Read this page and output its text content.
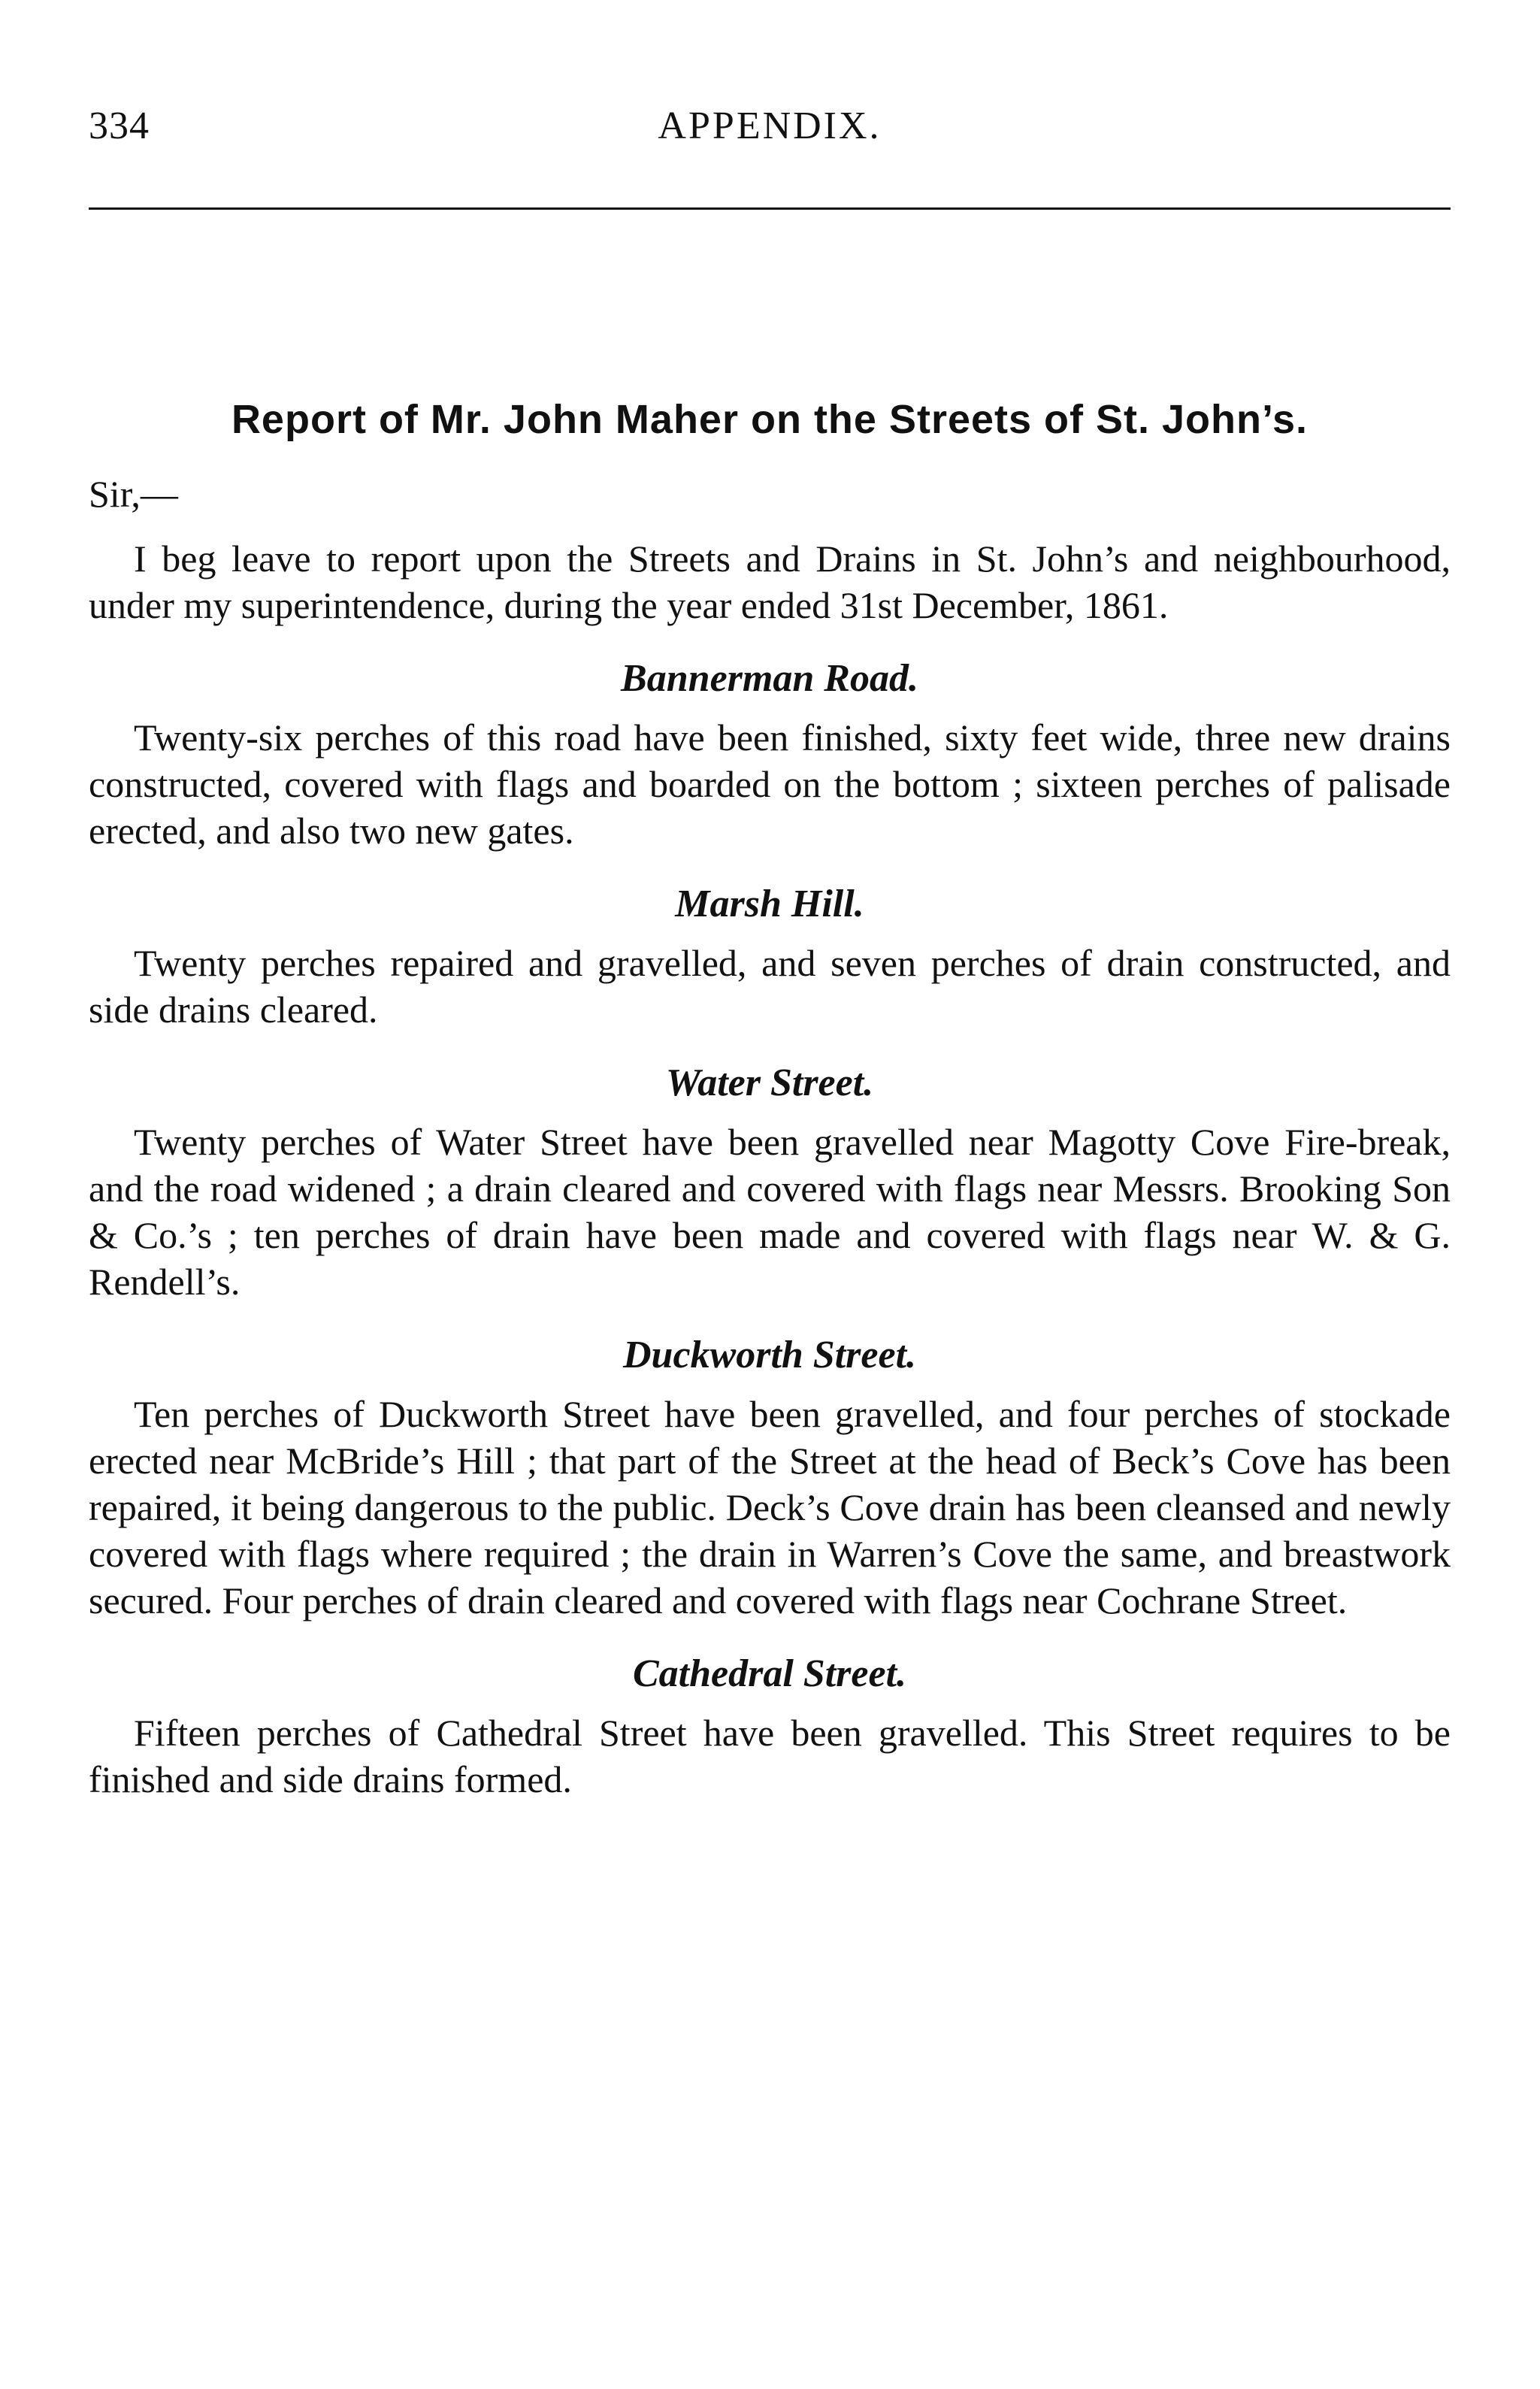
334	APPENDIX.
Report of Mr. John Maher on the Streets of St. John’s.

Sir,—

I beg leave to report upon the Streets and Drains in St. John’s and neighbourhood, under my superintendence, during the year ended 31st December, 1861.

Bannerman Road.

Twenty-six perches of this road have been finished, sixty feet wide, three new drains constructed, covered with flags and boarded on the bottom ; sixteen perches of palisade erected, and also two new gates.

Marsh Hill.

Twenty perches repaired and gravelled, and seven perches of drain constructed, and side drains cleared.

Water Street.

Twenty perches of Water Street have been gravelled near Magotty Cove Fire-break, and the road widened ; a drain cleared and covered with flags near Messrs. Brooking Son & Co.’s ; ten perches of drain have been made and covered with flags near W. & G. Rendell’s.

Duckworth Street.

Ten perches of Duckworth Street have been gravelled, and four perches of stockade erected near McBride’s Hill ; that part of the Street at the head of Beck’s Cove has been repaired, it being dangerous to the public. Deck’s Cove drain has been cleansed and newly covered with flags where required ; the drain in Warren’s Cove the same, and breastwork secured. Four perches of drain cleared and covered with flags near Cochrane Street.

Cathedral Street.

Fifteen perches of Cathedral Street have been gravelled. This Street requires to be finished and side drains formed.
